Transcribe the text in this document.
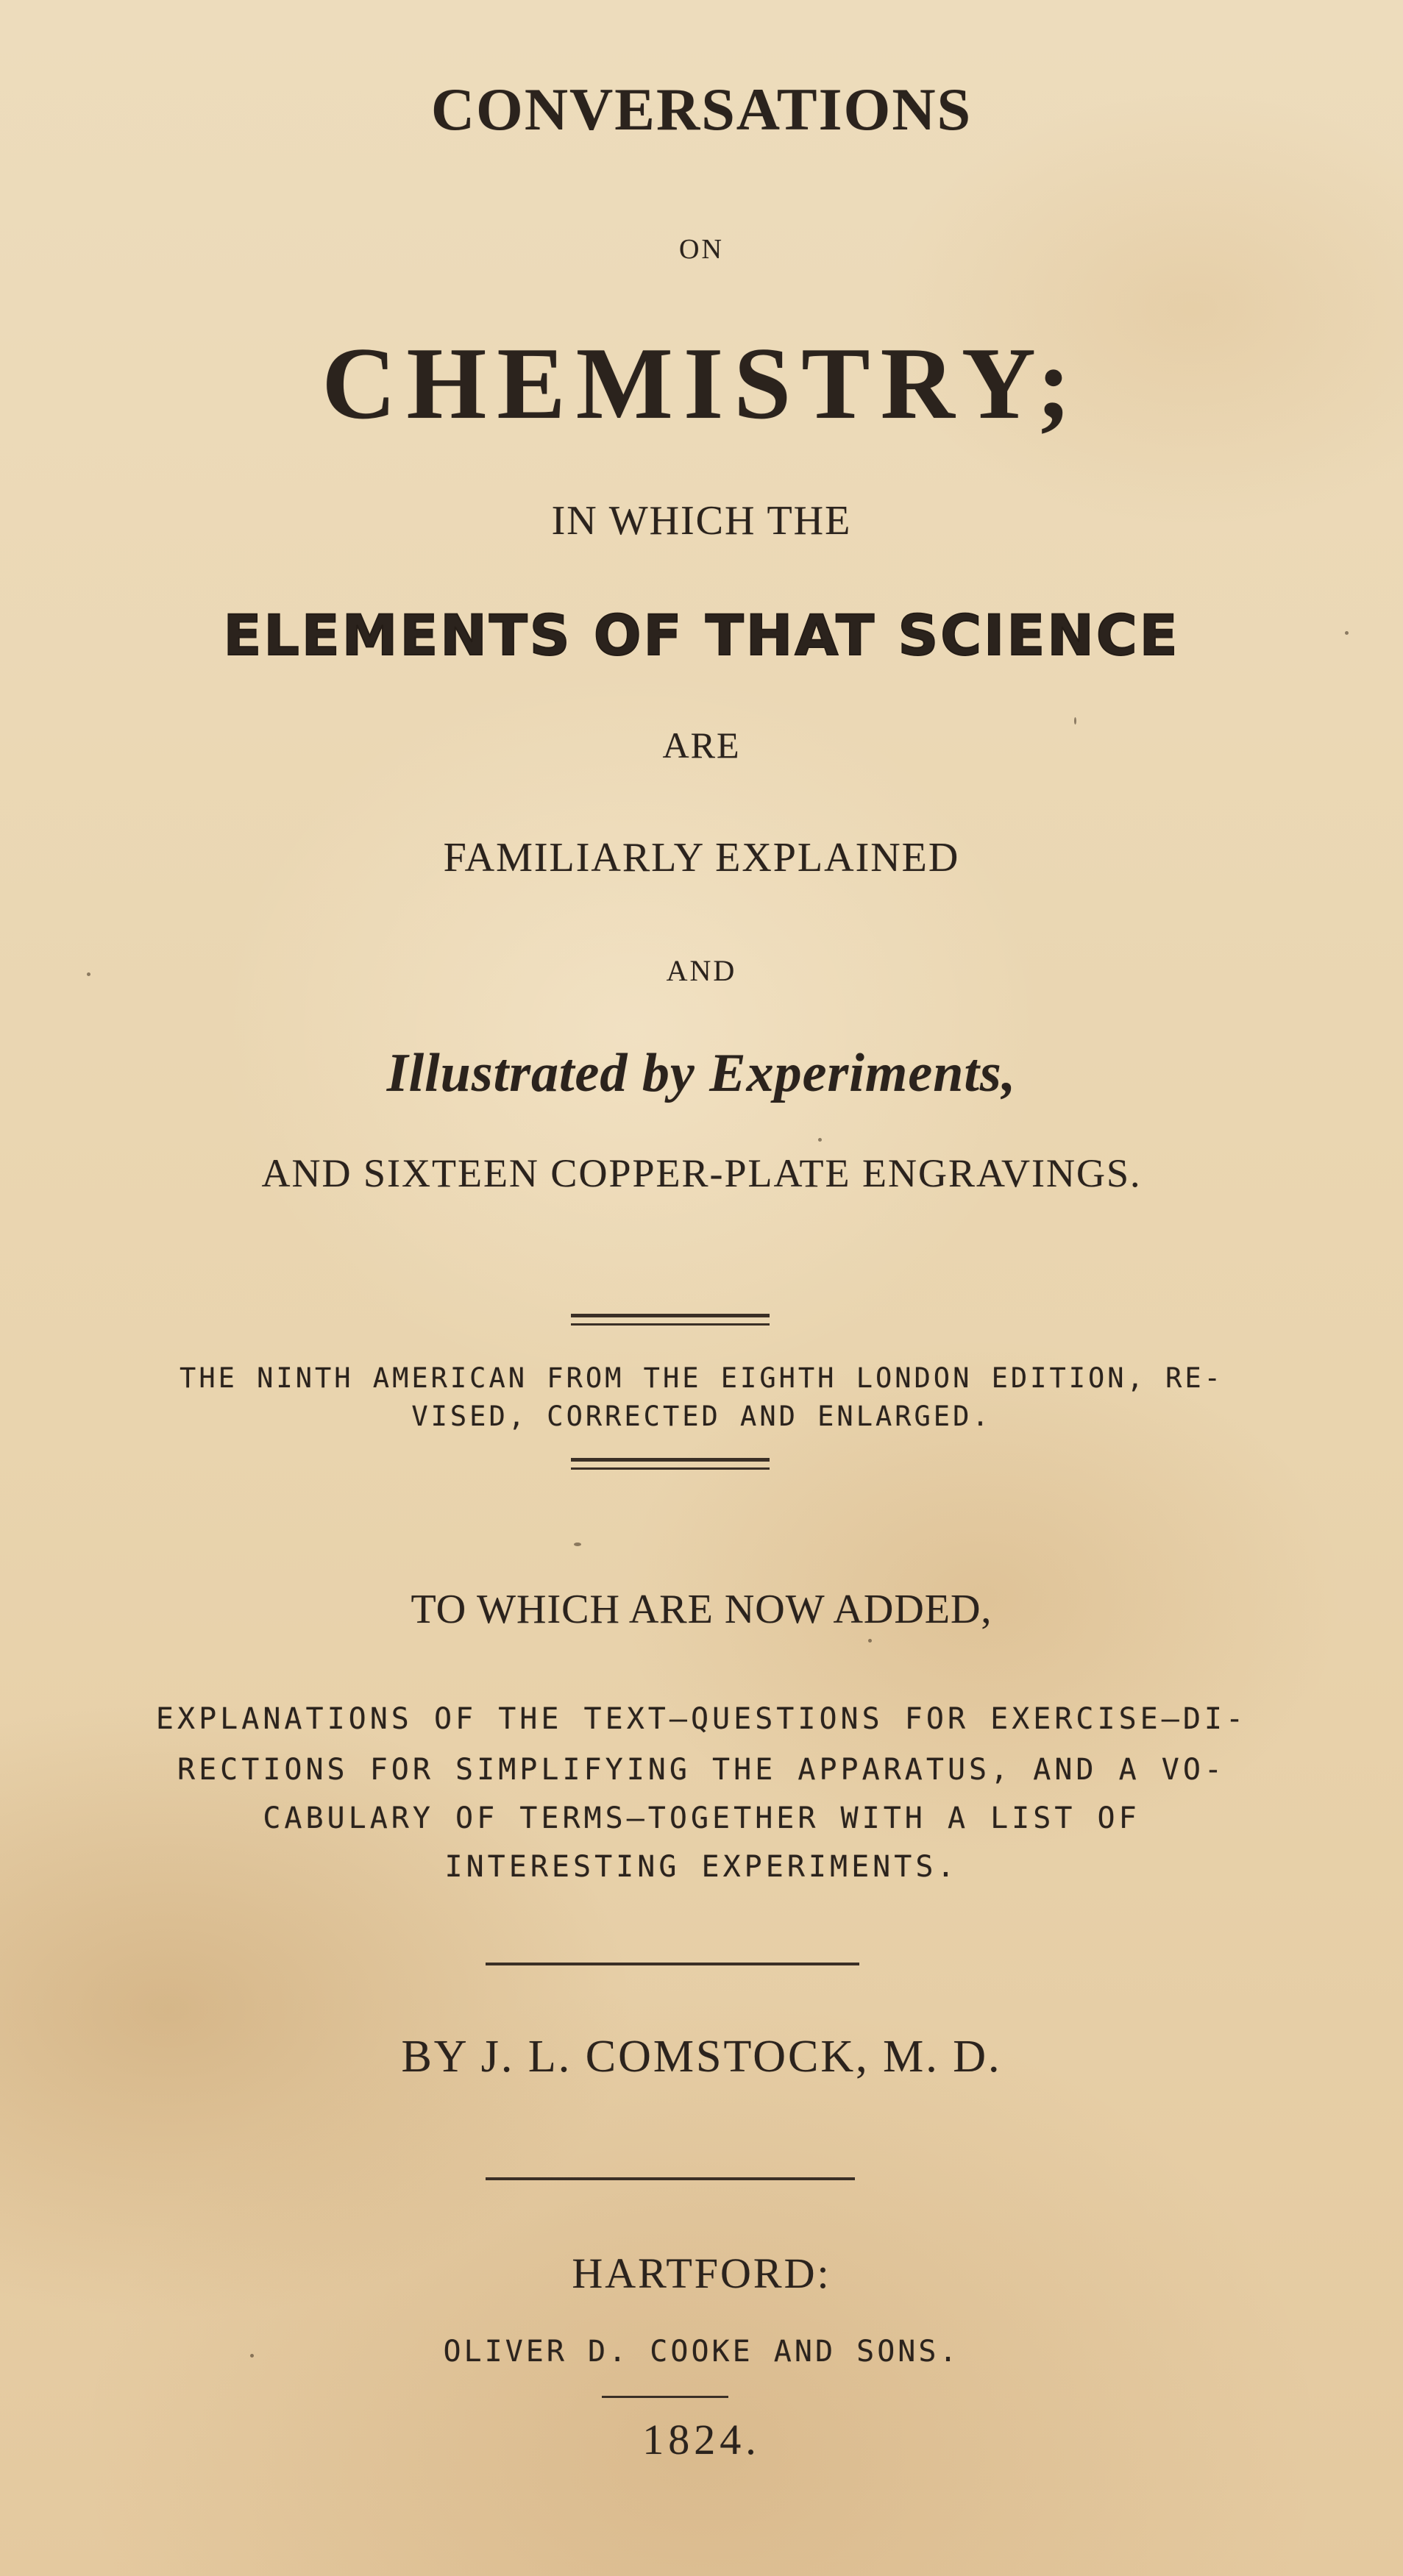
CONVERSATIONS

ON

CHEMISTRY;

IN WHICH THE

ELEMENTS OF THAT SCIENCE

ARE

FAMILIARLY EXPLAINED

AND

Illustrated by Experiments,

AND SIXTEEN COPPER-PLATE ENGRAVINGS.

THE NINTH AMERICAN FROM THE EIGHTH LONDON EDITION, RE-

VISED, CORRECTED AND ENLARGED.

TO WHICH ARE NOW ADDED,

EXPLANATIONS OF THE TEXT—QUESTIONS FOR EXERCISE—DI-

RECTIONS FOR SIMPLIFYING THE APPARATUS, AND A VO-

CABULARY OF TERMS—TOGETHER WITH A LIST OF

INTERESTING EXPERIMENTS.

BY J. L. COMSTOCK, M. D.

HARTFORD:

OLIVER D. COOKE AND SONS.

1824.
